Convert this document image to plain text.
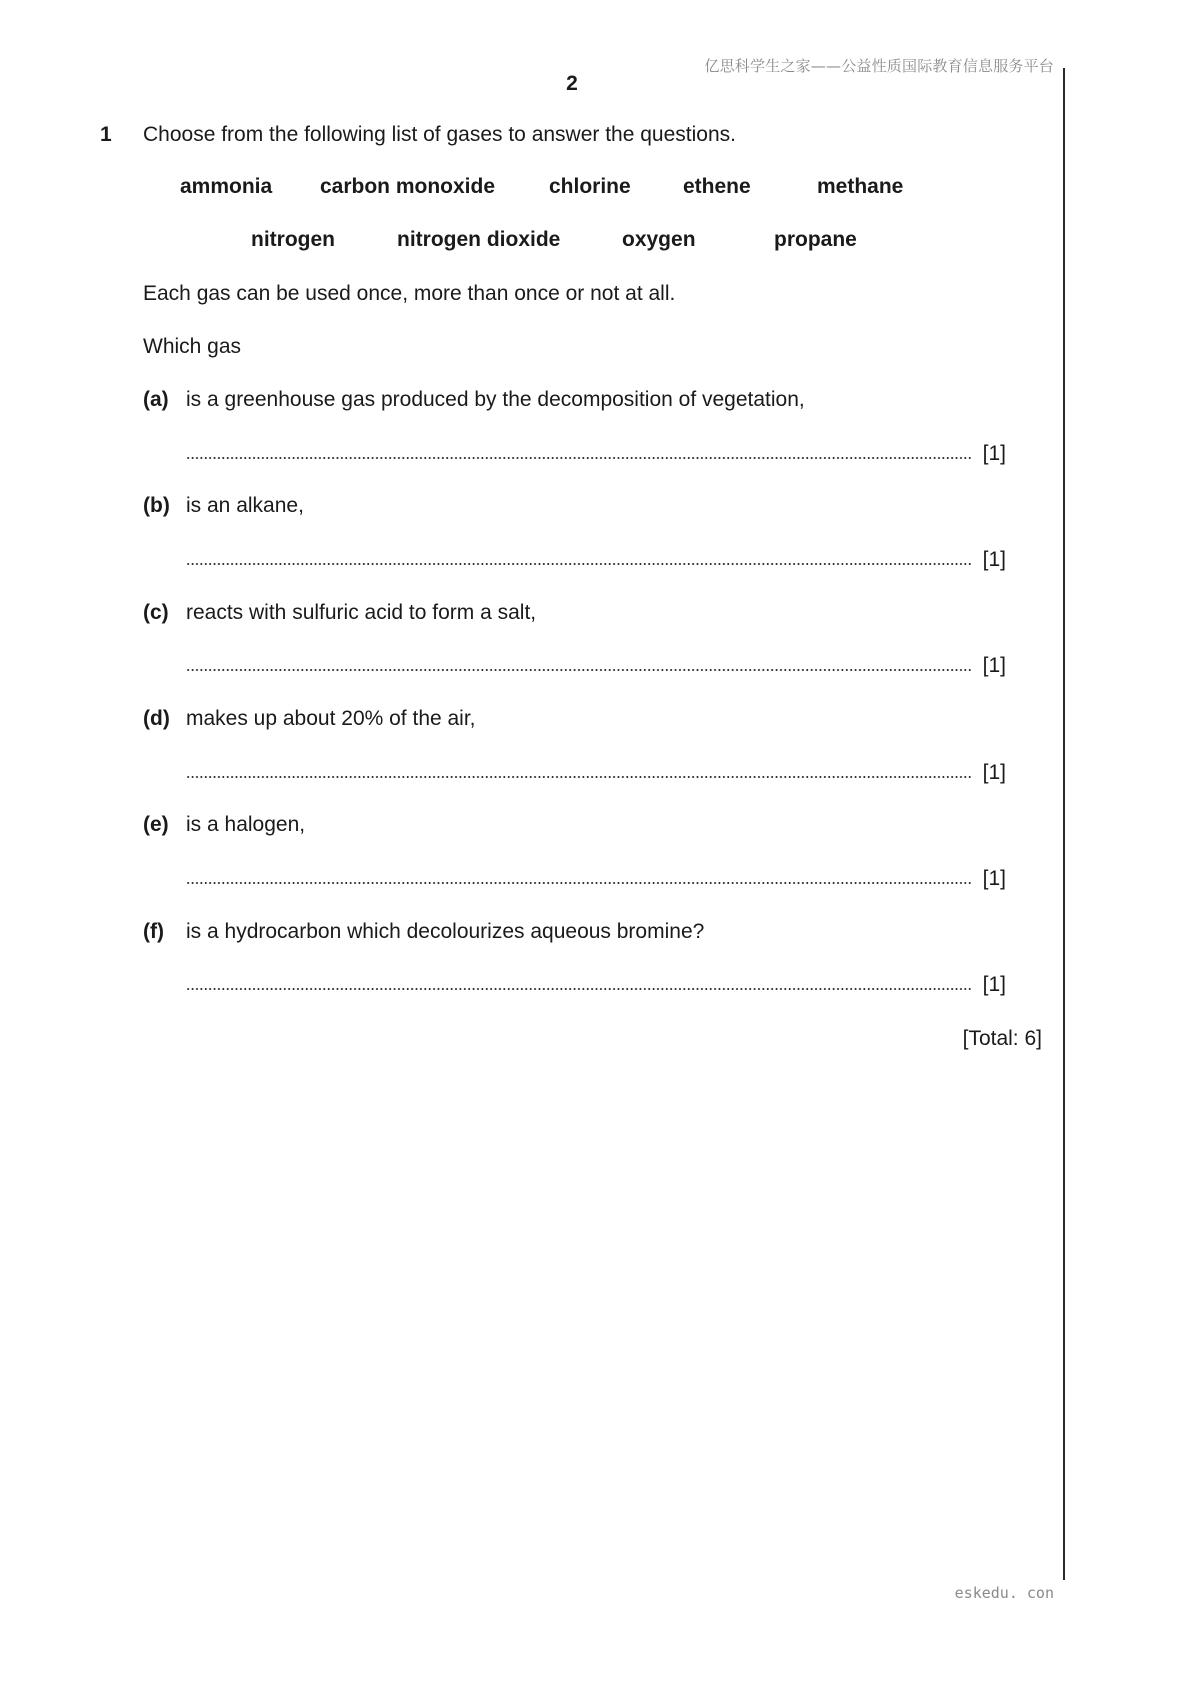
亿思科学生之家——公益性质国际教育信息服务平台
2
1 Choose from the following list of gases to answer the questions.
ammonia carbon monoxide	chlorine ethene	methane
nitrogen	nitrogen dioxide	oxygen	propane
Each gas can be used once, more than once or not at all.
Which gas
(a) is a greenhouse gas produced by the decomposition of vegetation,
[1]
(b) is an alkane,
[1]
(c) reacts with sulfuric acid to form a salt,
[1]
(d) makes up about 20% of the air,
[1]
(e) is a halogen,
[1]
(f) is a hydrocarbon which decolourizes aqueous bromine?
[1]
[Total: 6]
eskedu. con
